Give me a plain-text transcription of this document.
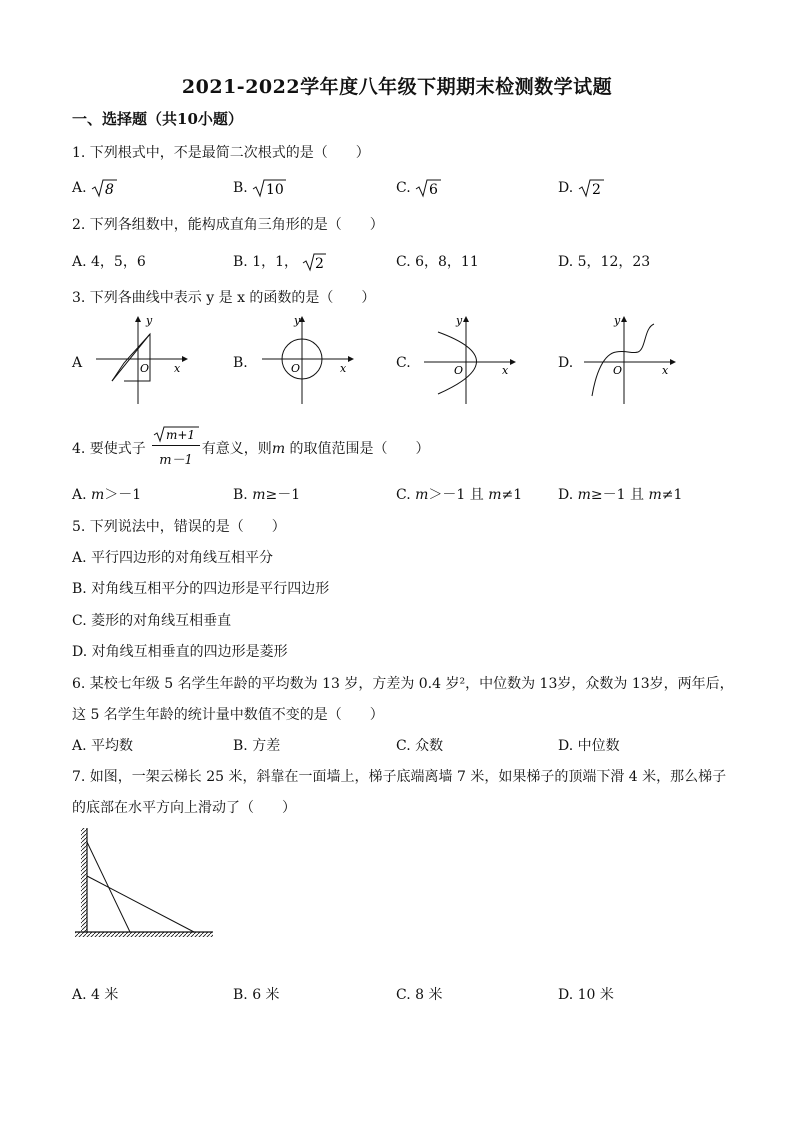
2021-2022学年度八年级下期期末检测数学试题
一、选择题（共10小题）
1. 下列根式中，不是最简二次根式的是（　　）
A. 8	B. 10	C. 6	D. 2
2. 下列各组数中，能构成直角三角形的是（　　）
A. 4，5，6	B. 1，1， 2	C. 6，8，11	D. 5，12，23
3. 下列各曲线中表示 y 是 x 的函数的是（　　）
A
y
x
O	B.
y
x
O	C.
y
x
O	D.
y
x
O
4. 要使式子	有意义，则m 的取值范围是（　　）
$\frac{m+1}{m-1}$
A. m＞－1	B. m≥－1	C. m＞－1 且 m≠1	D. m≥－1 且 m≠1
5. 下列说法中，错误的是（　　）
A. 平行四边形的对角线互相平分
B. 对角线互相平分的四边形是平行四边形
C. 菱形的对角线互相垂直
D. 对角线互相垂直的四边形是菱形
6. 某校七年级 5 名学生年龄的平均数为 13 岁，方差为 0.4 岁²，中位数为 13岁，众数为 13岁，两年后，
这 5 名学生年龄的统计量中数值不变的是（　　）
A. 平均数	B. 方差	C. 众数	D. 中位数
7. 如图，一架云梯长 25 米，斜靠在一面墙上，梯子底端离墙 7 米，如果梯子的顶端下滑 4 米，那么梯子
的底部在水平方向上滑动了（　　）
A. 4 米	B. 6 米	C. 8 米	D. 10 米
